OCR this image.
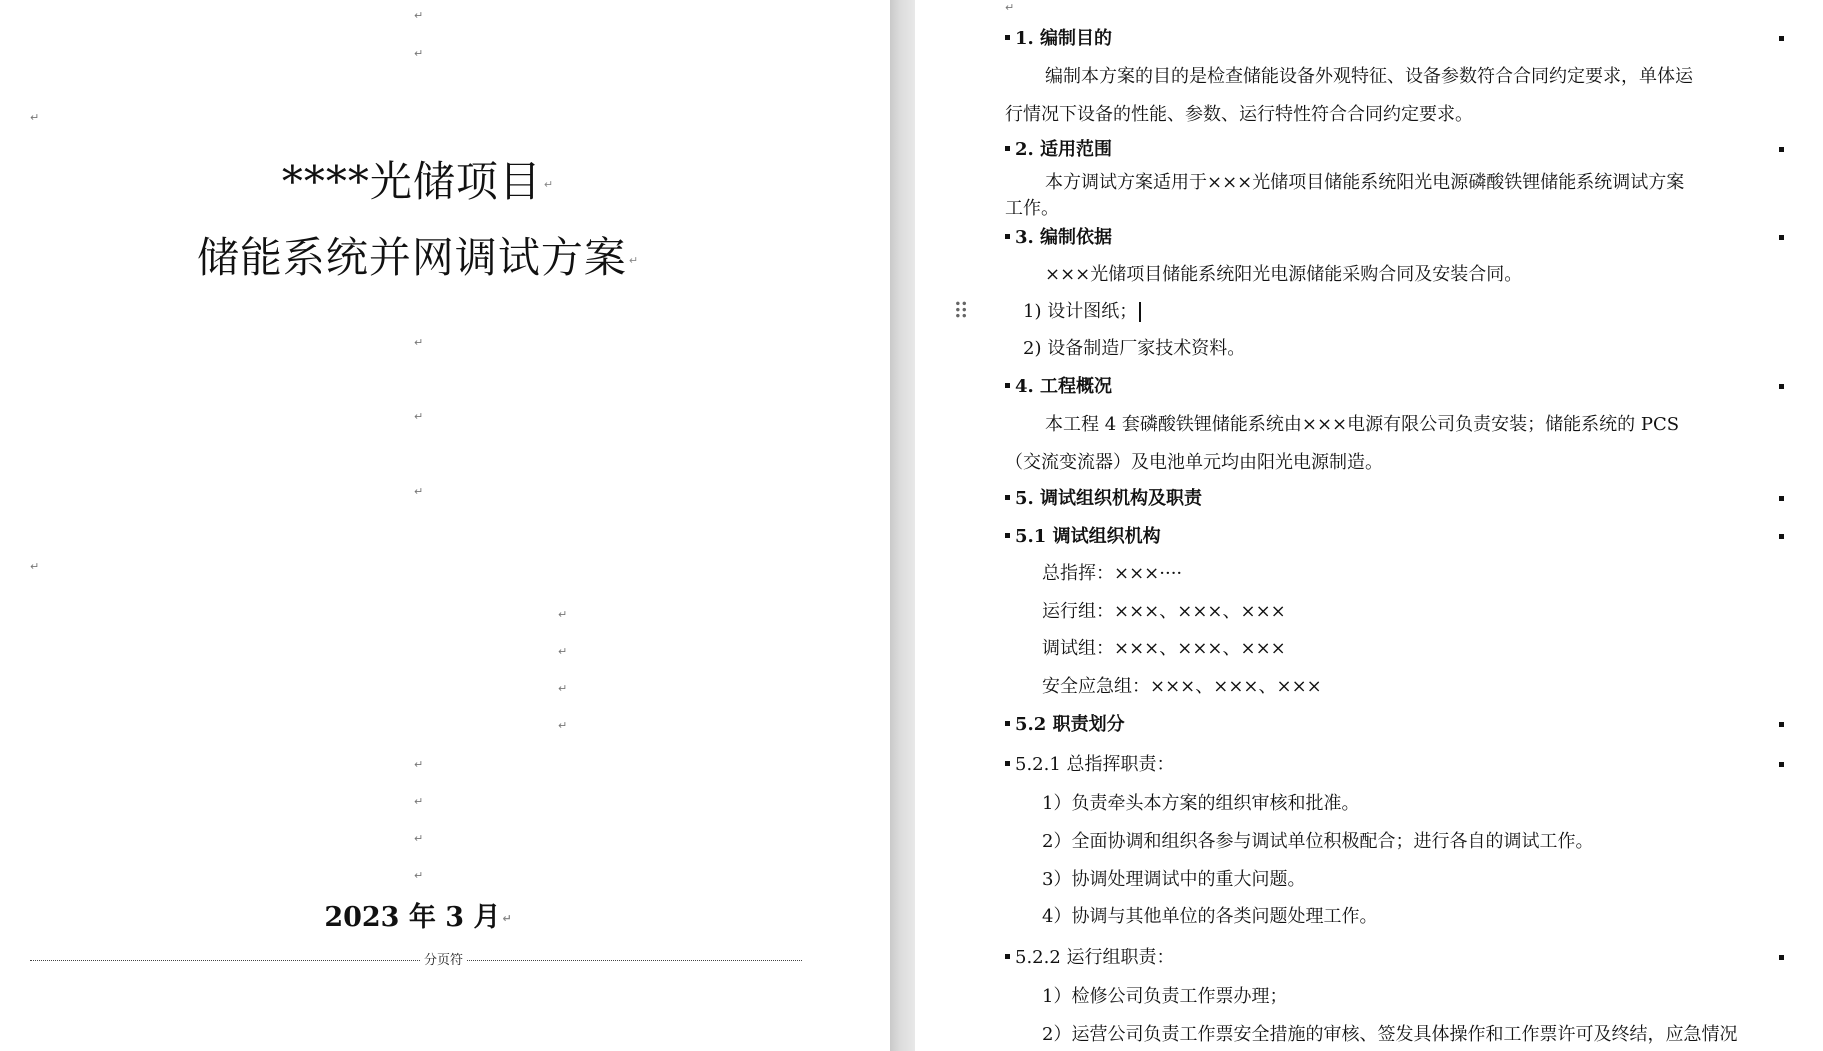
↵
↵
↵
****光储项目 ↵
储能系统并网调试方案 ↵
↵
↵
↵
↵
↵
↵
↵
↵
↵
↵
↵
↵
2023 年 3 月 ↵
分页符
↵
1. 编制目的
编制本方案的目的是检查储能设备外观特征、设备参数符合合同约定要求，单体运行情况下设备的性能、参数、运行特性符合合同约定要求。
2. 适用范围
本方调试方案适用于×××光储项目储能系统阳光电源磷酸铁锂储能系统调试方案工作。
3. 编制依据
×××光储项目储能系统阳光电源储能采购合同及安装合同。
⠿	1) 设计图纸；
2) 设备制造厂家技术资料。
4. 工程概况
本工程 4 套磷酸铁锂储能系统由×××电源有限公司负责安装；储能系统的 PCS（交流变流器）及电池单元均由阳光电源制造。
5. 调试组织机构及职责
5.1 调试组织机构
总指挥：×××····
运行组：×××、×××、×××
调试组：×××、×××、×××
安全应急组：×××、×××、×××
5.2 职责划分
5.2.1 总指挥职责：
1）负责牵头本方案的组织审核和批准。
2）全面协调和组织各参与调试单位积极配合；进行各自的调试工作。
3）协调处理调试中的重大问题。
4）协调与其他单位的各类问题处理工作。
5.2.2 运行组职责：
1）检修公司负责工作票办理；
2）运营公司负责工作票安全措施的审核、签发具体操作和工作票许可及终结，应急情况
